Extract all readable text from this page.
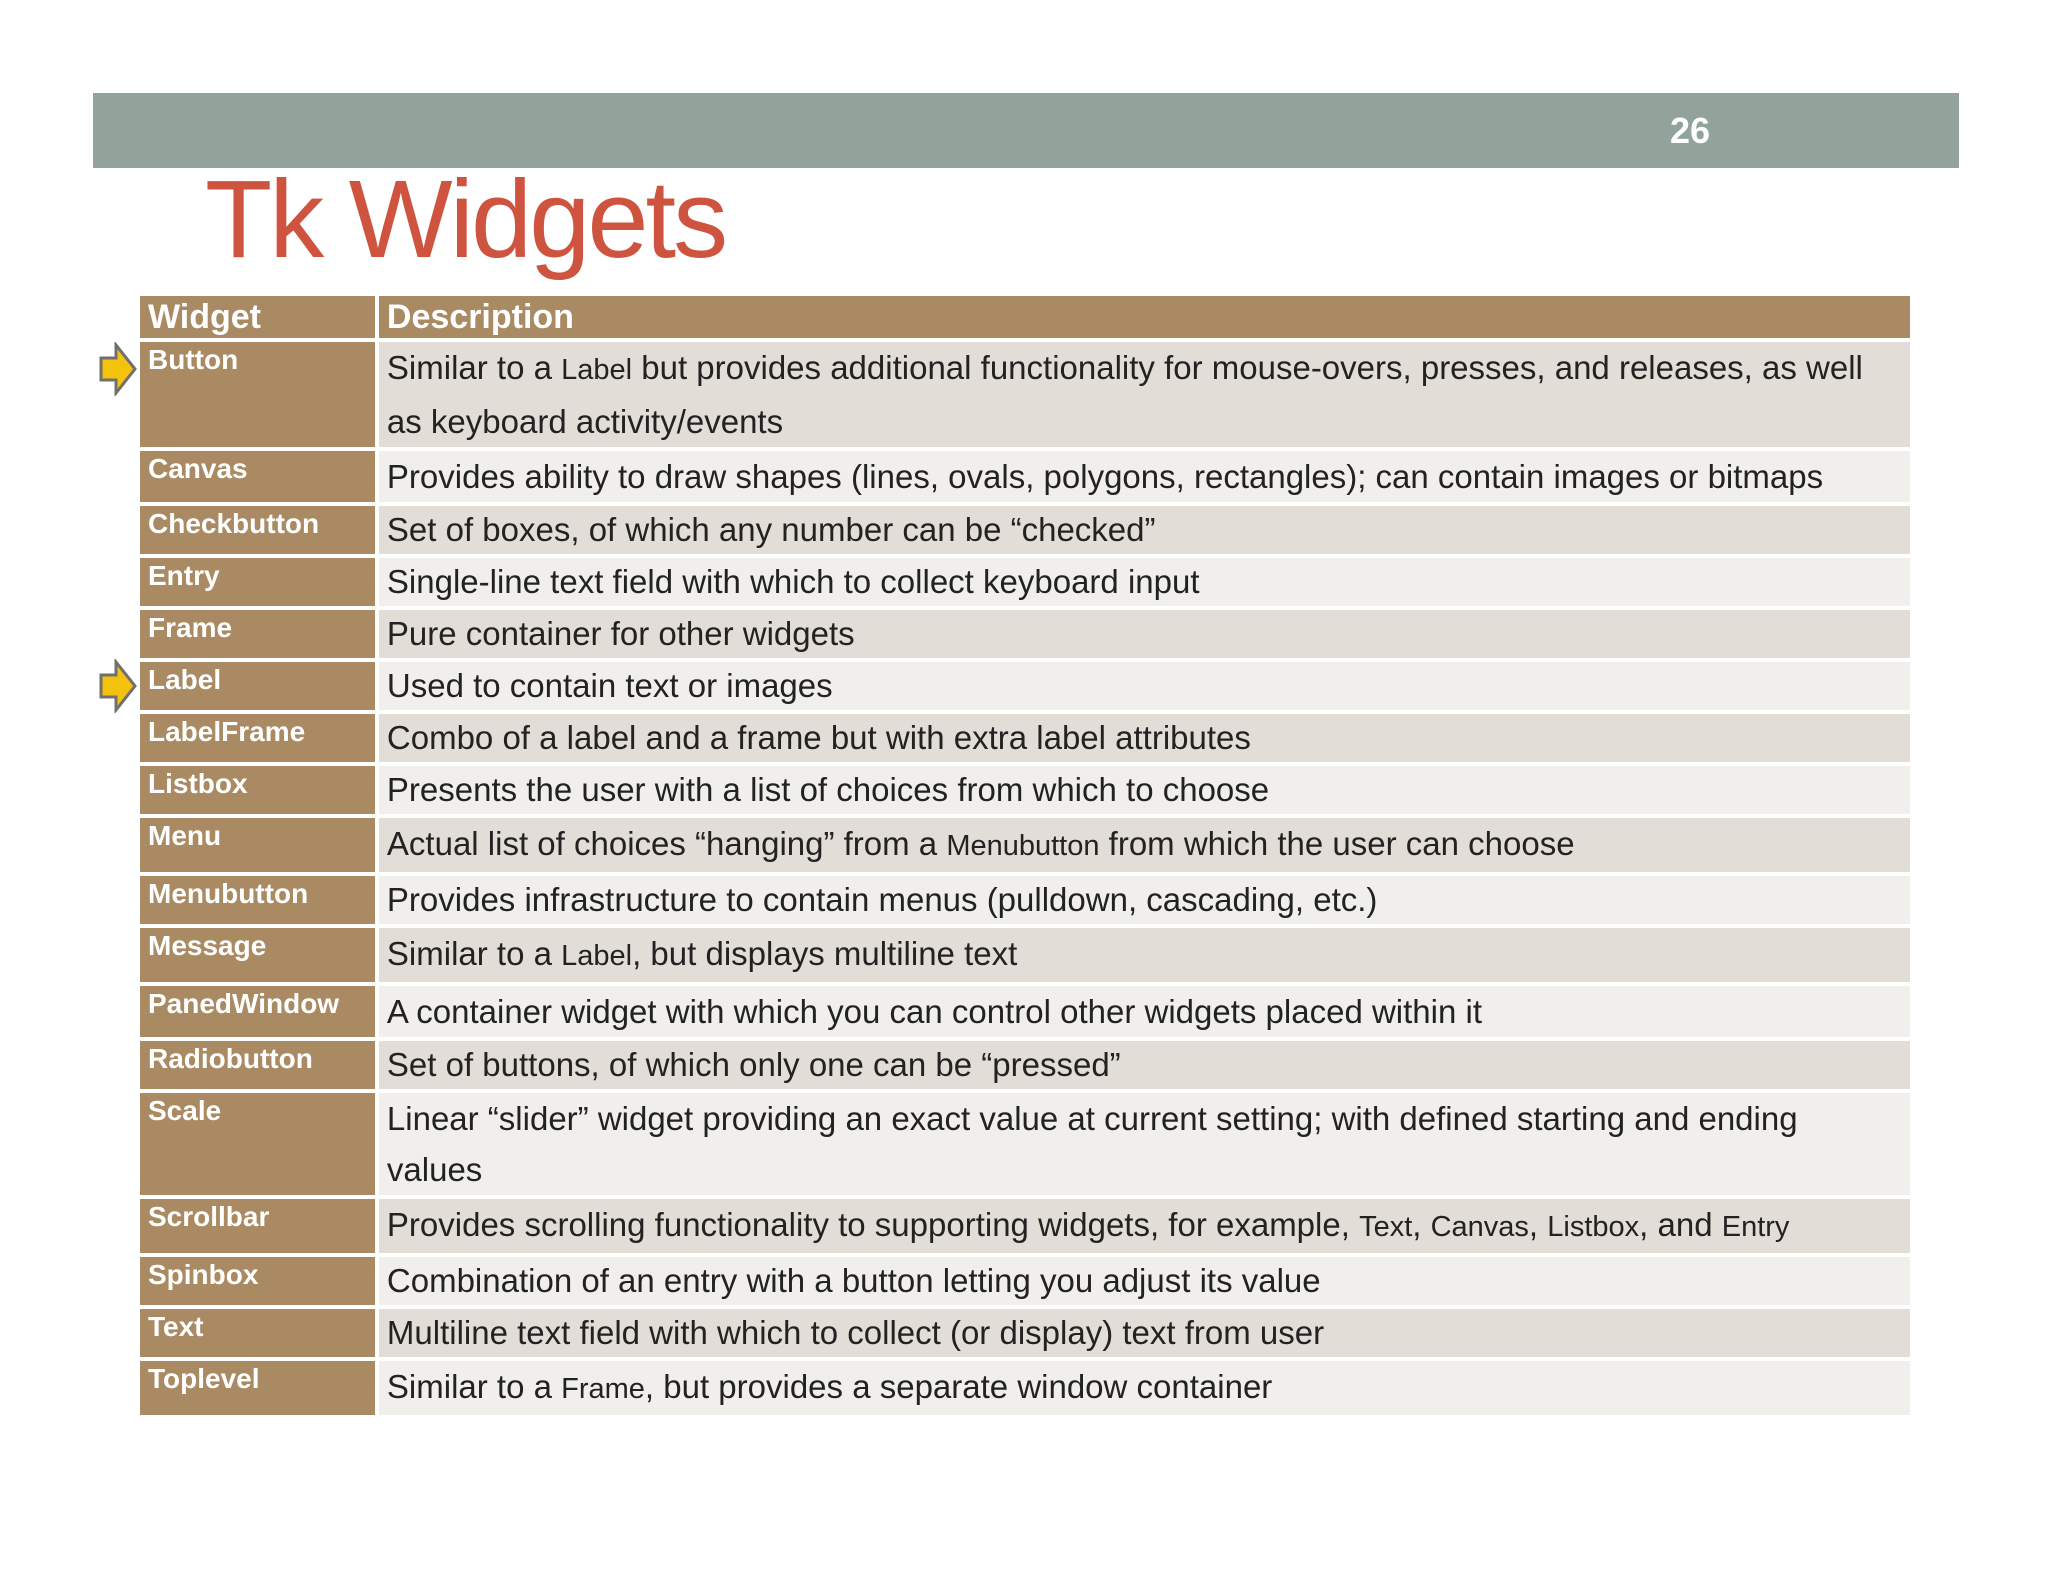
26
Tk Widgets
Widget	Description
Button	Similar to a Label but provides additional functionality for mouse-overs, presses, and releases, as well as keyboard activity/events
Canvas	Provides ability to draw shapes (lines, ovals, polygons, rectangles); can contain images or bitmaps
Checkbutton	Set of boxes, of which any number can be “checked”
Entry	Single-line text field with which to collect keyboard input
Frame	Pure container for other widgets
Label	Used to contain text or images
LabelFrame	Combo of a label and a frame but with extra label attributes
Listbox	Presents the user with a list of choices from which to choose
Menu	Actual list of choices “hanging” from a Menubutton from which the user can choose
Menubutton	Provides infrastructure to contain menus (pulldown, cascading, etc.)
Message	Similar to a Label, but displays multiline text
PanedWindow	A container widget with which you can control other widgets placed within it
Radiobutton	Set of buttons, of which only one can be “pressed”
Scale	Linear “slider” widget providing an exact value at current setting; with defined starting and ending values
Scrollbar	Provides scrolling functionality to supporting widgets, for example, Text, Canvas, Listbox, and Entry
Spinbox	Combination of an entry with a button letting you adjust its value
Text	Multiline text field with which to collect (or display) text from user
Toplevel	Similar to a Frame, but provides a separate window container
